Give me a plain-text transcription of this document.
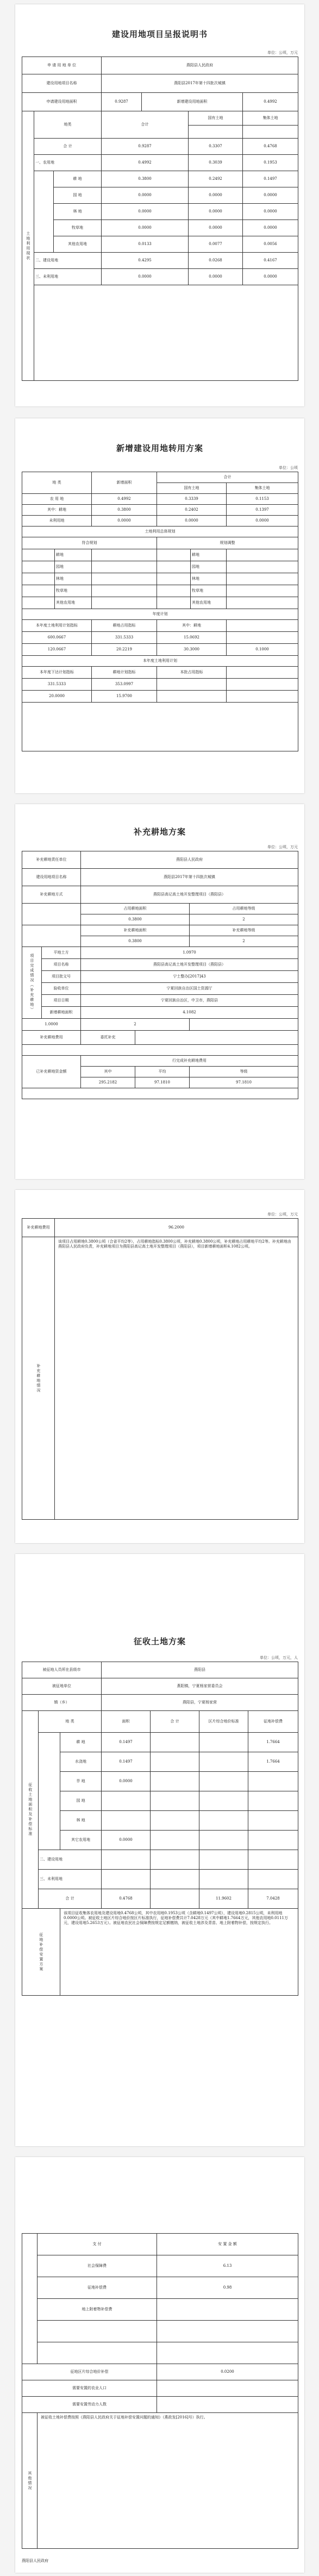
建设用地项目呈报说明书
单位：公顷，万元
申 请 用 地 单 位			燕阳县人民政府			
建设用地项目名称			燕阳县2017年第十四批次城镇			
申请建设用地面积			0.9287	新增建设用地面积		0.4992
土地利用现状	地类		合计		国有土地	集体土地

	合 计		0.9287		0.3307	0.4768
	一、农用地		0.4992		0.3039	0.1953
		耕 地	0.3800		0.2492	0.1497
		园 地	0.0000		0.0000	0.0000
		林 地	0.0000		0.0000	0.0000
		牧草地	0.0000		0.0000	0.0000
		其他农用地	0.0133		0.0077	0.0056
	二、建设用地		0.4295		0.0268	0.4167
	三、未利用地		0.0000		0.0000	0.0000

新增建设用地转用方案
单位：公顷
地 类		新增面积	合计		
			国有土地		集体土地
农 用 地		0.4992	0.3339		0.1153
其中：耕地		0.3800	0.2402		0.1397
未利用地		0.0000	0.0000		0.0000
土地利用总体规划					
符合规划			规划调整		
	耕地			耕地	
	园地			园地	
	林地			林地	
	牧草地			牧草地	
	其他农用地			其他农用地	
年度计划					
本年度土地利用计划指标		耕地占用指标	其中：耕地		
600.0667		331.5333	15.0692		
120.0667		20.2219	30.3000		0.1000
本年度土地利用计划					
本年度下达计划指标		耕地计划指标	本批占用指标		
331.5333		353.0997			
20.0000		15.9700			

补充耕地方案
单位：公顷，万元
补充耕地责任单位		燕阳县人民政府		
建设用地项目名称		燕阳县2017年第十四批次城镇		
补充耕地方式		燕阳县高记高土地开发整理项目（燕阳县）		
		占用耕地面积		占用耕地等级
		0.3800		2
		补充耕地面积		补充耕地等级
		0.3800		2
项目完成情况（补充耕地）	平地土方	1.0970		
	项目名称	燕阳县高记高土地开发整理项目（燕阳县）		
	项目批文号	宁土整办[2017]43		
	验收单位	宁夏回族自治区国土资源厅		
	项目日期	宁夏回族自治区，中卫市，燕阳县		
	新增耕地面积	4.1082		
1.0000		2		
补充耕地费用		委托补充		

已补充耕地资金额		行完成补充耕地费用		
		其中	平均	等级
		295.2182	97.1810	97.1810

单位：公顷，万元
补充耕地费用	96.2000
补充耕地情况	该项目占用耕地0.3800公顷（合省平均2等），占用耕地指标0.3800公顷，补充耕地0.3800公顷，补充耕地占用耕地平均2等。补充耕地由燕阳县人民政府负责，补充耕地项目为燕阳县高记高土地开发整理项目（燕阳县），项目新增耕地面积4.1082公顷。
征收土地方案
单位：公顷，万元，人
被征地人员所在县级市			燕阳县			
被征地单位			燕阳镇，宁夏杨家营委员会			
镇（乡）			燕阳县，宁夏杨家营			
征收土地面积及补偿标准	地 类		面积	合 计	区片综合地价标准	征地补偿费
		耕 地	0.1497			1.7664
		水浇地	0.1497			1.7664
		旱 地	0.0000			
		园 地				
		林 地				
		其它农用地	0.0000			
	二、建设用地					
	三、未利用地					
	合 计		0.4768		11.9602	7.0428
征地补偿安置方案		该项目征收集体农用地及建设用地0.4768公顷，其中农用地0.1953公顷（含耕地0.1497公顷），建设用地0.2815公顷，未利用地0.0000公顷。被征收土地区片综合地价按区片标准执行，征地补偿费共计7.0428万元（其中耕地1.7664万元，其他农用地0.0111万元，建设用地5.2653万元）。被征地农民社会保障费按规定足额缴纳，被征收土地涉及青苗、地上附着物补偿，按规定执行。				
	支 付	安 置 金 额
	社会保障费	6.13
	征地补偿费	0.98
	地上附着物补偿费	

征地区片综合地价补偿		0.0200
需要安置的农业人口		
需要安置劳动力人数		
其他情况	被征收土地补偿费按照《燕阳县人民政府关于征地补偿安置问题的通知》（燕政发[2016]号）执行。	
燕阳县人民政府
